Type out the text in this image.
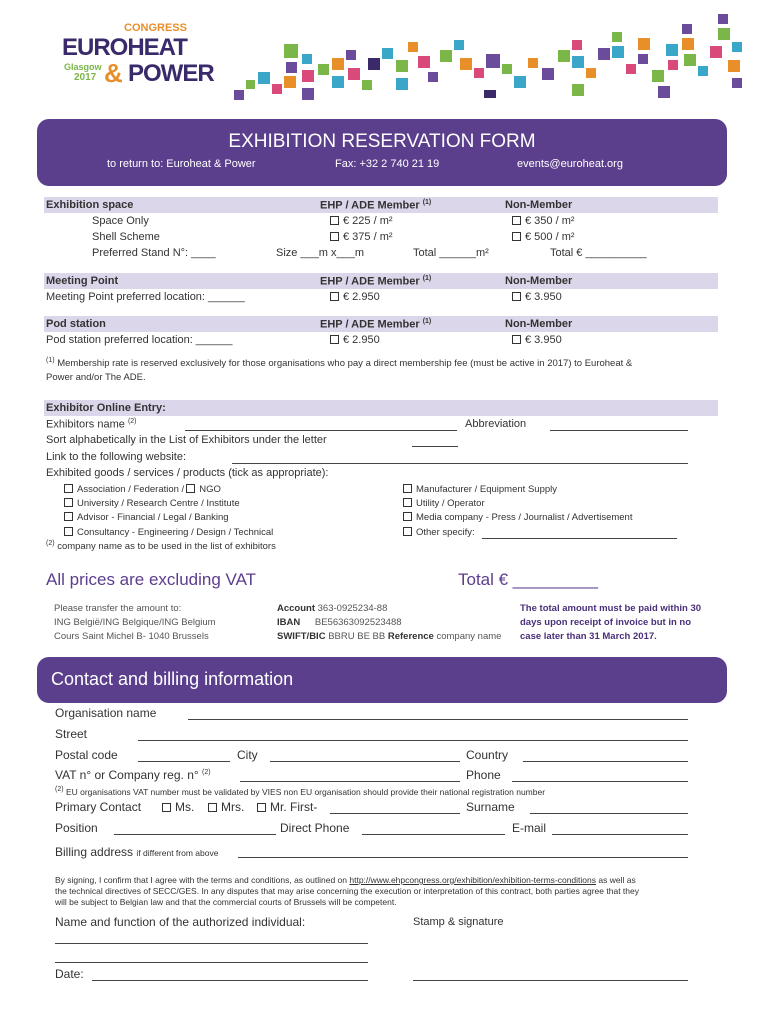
CONGRESS
EUROHEAT
Glasgow
2017 & POWER
EXHIBITION RESERVATION FORM
to return to: Euroheat & Power	Fax: +32 2 740 21 19	events@euroheat.org
Exhibition space	EHP / ADE Member $^{(1)}$	Non-Member
Space Only	€ 225 / m²	€ 350 / m²
Shell Scheme	€ 375 / m²	€ 500 / m²
Preferred Stand N°: ____	Size ___m x___m	Total ______m²	Total € __________
Meeting Point	EHP / ADE Member $^{(1)}$	Non-Member
Meeting Point preferred location: ______	€ 2.950	€ 3.950
Pod station	EHP / ADE Member $^{(1)}$	Non-Member
Pod station preferred location: ______	€ 2.950	€ 3.950
$^{(1)}$ Membership rate is reserved exclusively for those organisations who pay a direct membership fee (must be active in 2017) to Euroheat &
Power and/or The ADE.
Exhibitor Online Entry:
Exhibitors name $^{(2)}$	Abbreviation
Sort alphabetically in the List of Exhibitors under the letter
Link to the following website:
Exhibited goods / services / products (tick as appropriate):
Association / Federation / NGO
University / Research Centre / Institute
Advisor - Financial / Legal / Banking
Consultancy - Engineering / Design / Technical
Manufacturer / Equipment Supply
Utility / Operator
Media company - Press / Journalist / Advertisement
Other specify:
$^{(2)}$ company name as to be used in the list of exhibitors
All prices are excluding VAT	Total € _________
Please transfer the amount to:
ING België/ING Belgique/ING Belgium
Cours Saint Michel B- 1040 Brussels
Account 363-0925234-88
IBAN BE56363092523488
SWIFT/BIC BBRU BE BB Reference company name
The total amount must be paid within 30
days upon receipt of invoice but in no
case later than 31 March 2017.
Contact and billing information
Organisation name
Street
Postal code	City	Country
VAT n° or Company reg. n° $^{(2)}$	Phone
$^{(2)}$ EU organisations VAT number must be validated by VIES non EU organisation should provide their national registration number
Primary Contact	Ms.	Mrs.	Mr. First-	Surname
Position	Direct Phone	E-mail
Billing address if different from above
By signing, I confirm that I agree with the terms and conditions, as outlined on http://www.ehpcongress.org/exhibition/exhibition-terms-conditions as well as
the technical directives of SECC/GES. In any disputes that may arise concerning the execution or interpretation of this contract, both parties agree that they
will be subject to Belgian law and that the commercial courts of Brussels will be competent.
Name and function of the authorized individual:	Stamp & signature
Date:
